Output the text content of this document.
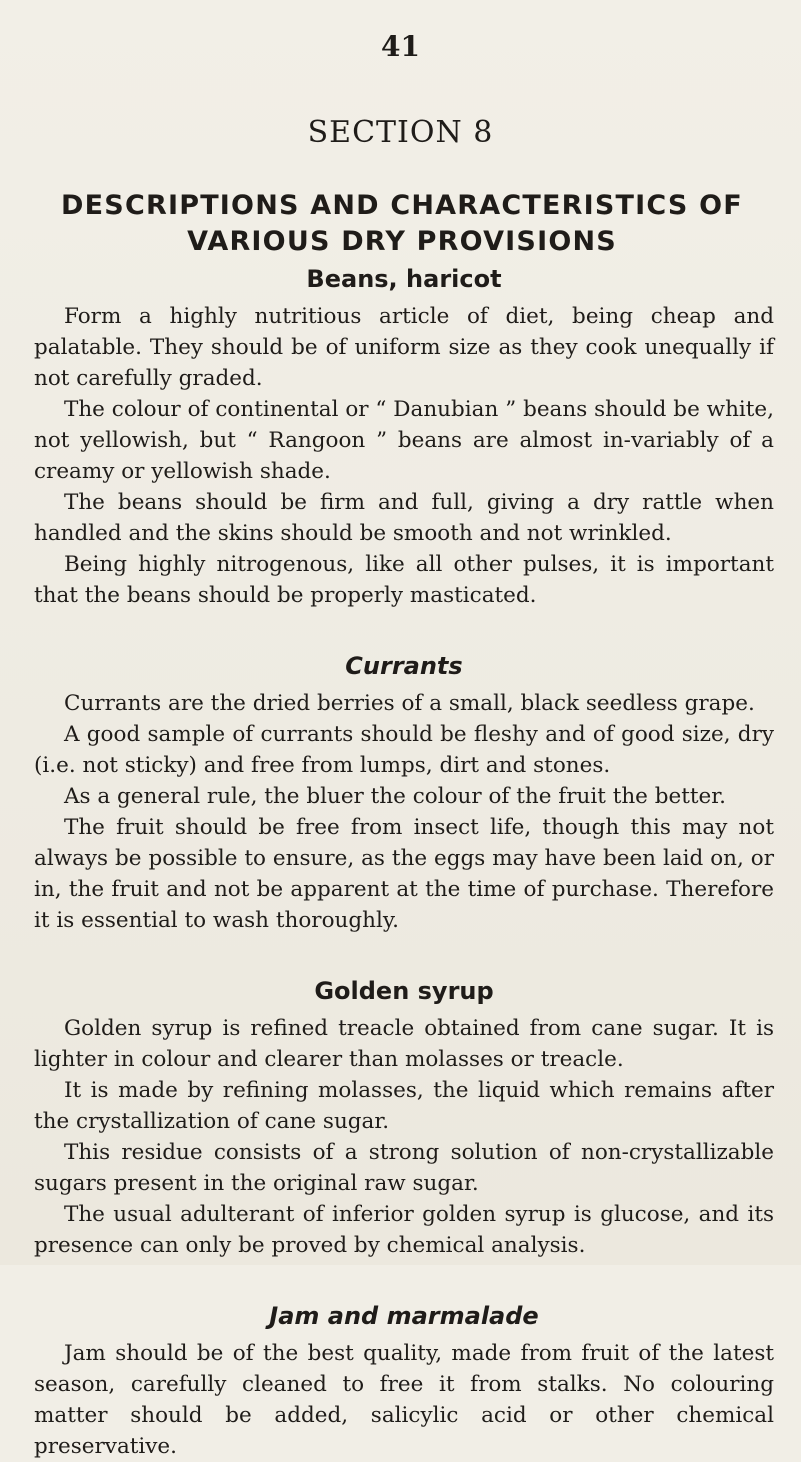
41
SECTION 8
DESCRIPTIONS AND CHARACTERISTICS OF
VARIOUS DRY PROVISIONS
Beans, haricot

Form a highly nutritious article of diet, being cheap and palatable. They should be of uniform size as they cook unequally if not carefully graded.

The colour of continental or “ Danubian ” beans should be white, not yellowish, but “ Rangoon ” beans are almost in-variably of a creamy or yellowish shade.

The beans should be firm and full, giving a dry rattle when handled and the skins should be smooth and not wrinkled.

Being highly nitrogenous, like all other pulses, it is important that the beans should be properly masticated.

Currants

Currants are the dried berries of a small, black seedless grape.

A good sample of currants should be fleshy and of good size, dry (i.e. not sticky) and free from lumps, dirt and stones.

As a general rule, the bluer the colour of the fruit the better.

The fruit should be free from insect life, though this may not always be possible to ensure, as the eggs may have been laid on, or in, the fruit and not be apparent at the time of purchase. Therefore it is essential to wash thoroughly.

Golden syrup

Golden syrup is refined treacle obtained from cane sugar. It is lighter in colour and clearer than molasses or treacle.

It is made by refining molasses, the liquid which remains after the crystallization of cane sugar.

This residue consists of a strong solution of non-crystallizable sugars present in the original raw sugar.

The usual adulterant of inferior golden syrup is glucose, and its presence can only be proved by chemical analysis.

Jam and marmalade

Jam should be of the best quality, made from fruit of the latest season, carefully cleaned to free it from stalks. No colouring matter should be added, salicylic acid or other chemical preservative.
